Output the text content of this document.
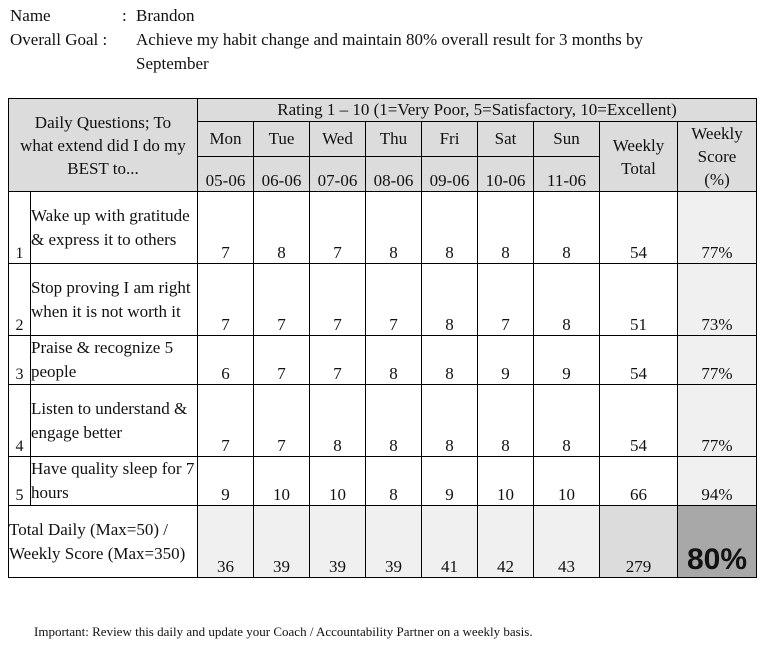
Name	: Brandon
Overall Goal :	Achieve my habit change and maintain 80% overall result for 3 months by September
Daily Questions; To what extend did I do my BEST to...		Rating 1 – 10 (1=Very Poor, 5=Satisfactory, 10=Excellent)								
		Mon	Tue	Wed	Thu	Fri	Sat	Sun	Weekly Total	Weekly Score (%)
		05-06	06-06	07-06	08-06	09-06	10-06	11-06		
1	Wake up with gratitude & express it to others	7	8	7	8	8	8	8	54	77%
2	Stop proving I am right when it is not worth it	7	7	7	7	8	7	8	51	73%
3	Praise & recognize 5 people	6	7	7	8	8	9	9	54	77%
4	Listen to understand & engage better	7	7	8	8	8	8	8	54	77%
5	Have quality sleep for 7 hours	9	10	10	8	9	10	10	66	94%
Total Daily (Max=50) / Weekly Score (Max=350)		36	39	39	39	41	42	43	279	80%
Important: Review this daily and update your Coach / Accountability Partner on a weekly basis.
